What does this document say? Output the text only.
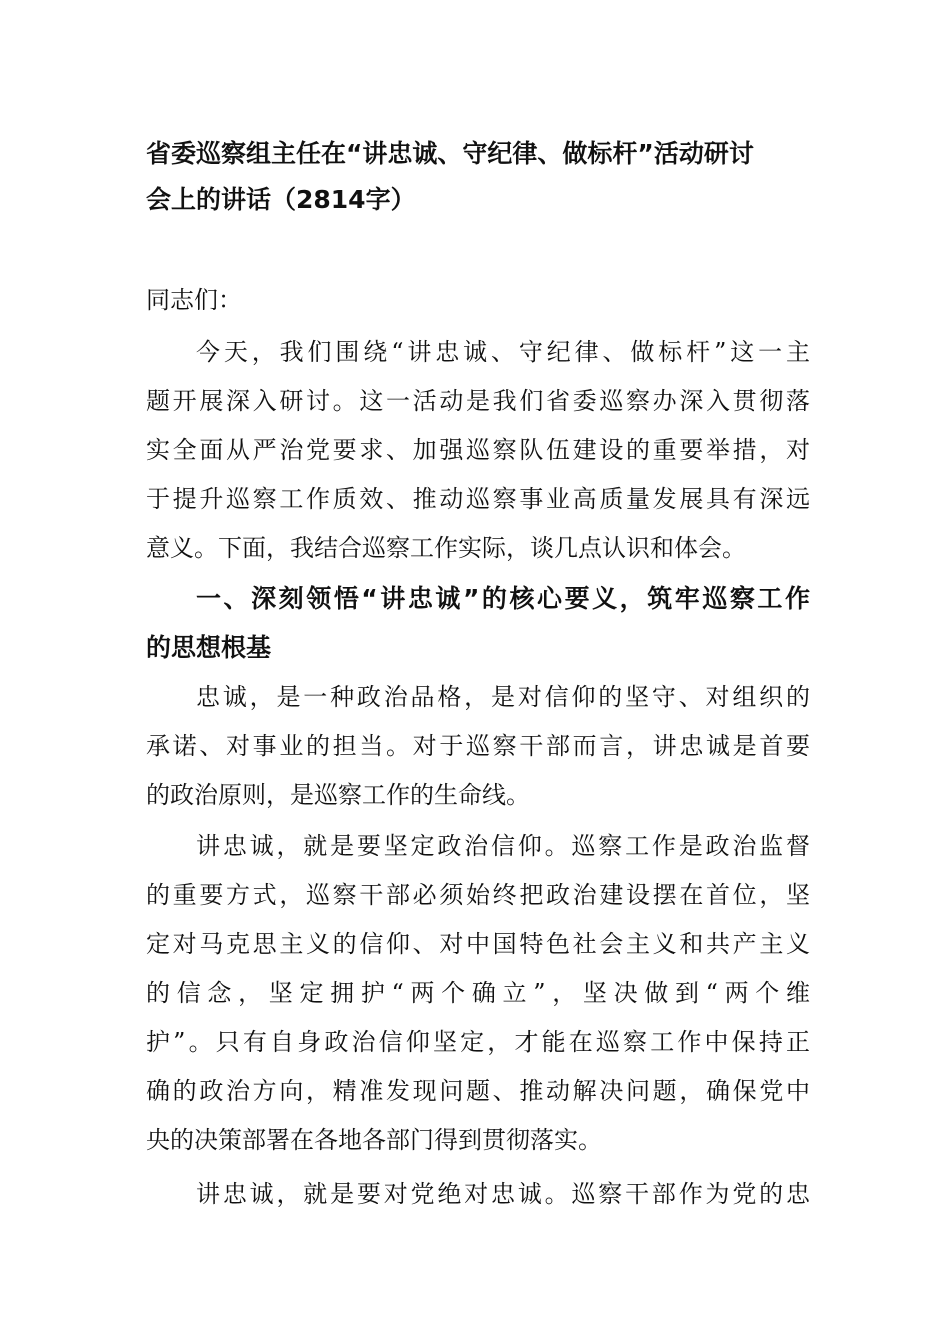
省委巡察组主任在“讲忠诚、守纪律、做标杆”活动研讨
会上的讲话（2814字）
同志们：
今天，我们围绕“讲忠诚、守纪律、做标杆”这一主
题开展深入研讨。这一活动是我们省委巡察办深入贯彻落
实全面从严治党要求、加强巡察队伍建设的重要举措，对
于提升巡察工作质效、推动巡察事业高质量发展具有深远
意义。下面，我结合巡察工作实际，谈几点认识和体会。
一、深刻领悟“讲忠诚”的核心要义，筑牢巡察工作
的思想根基
忠诚，是一种政治品格，是对信仰的坚守、对组织的
承诺、对事业的担当。对于巡察干部而言，讲忠诚是首要
的政治原则，是巡察工作的生命线。
讲忠诚，就是要坚定政治信仰。巡察工作是政治监督
的重要方式，巡察干部必须始终把政治建设摆在首位，坚
定对马克思主义的信仰、对中国特色社会主义和共产主义
的信念，坚定拥护“两个确立”，坚决做到“两个维
护”。只有自身政治信仰坚定，才能在巡察工作中保持正
确的政治方向，精准发现问题、推动解决问题，确保党中
央的决策部署在各地各部门得到贯彻落实。
讲忠诚，就是要对党绝对忠诚。巡察干部作为党的忠
